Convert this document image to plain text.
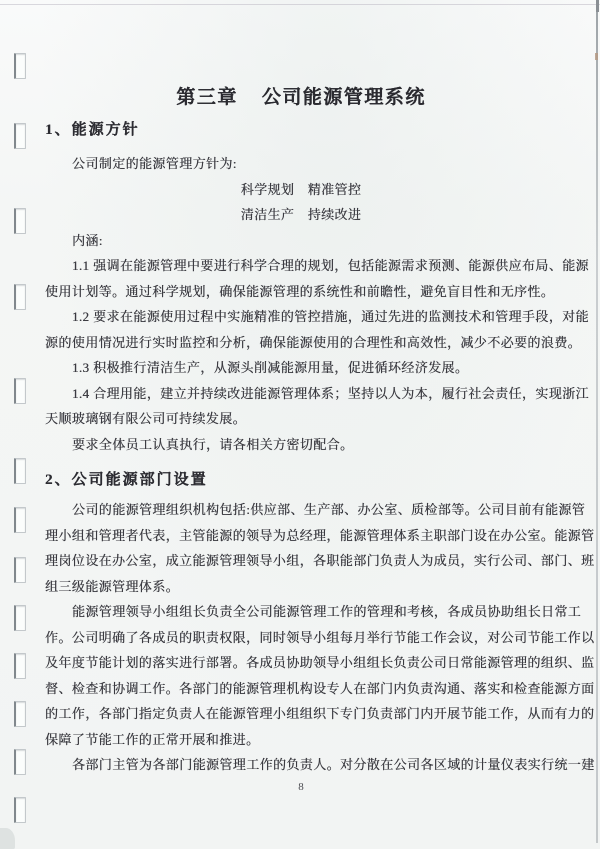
第三章 公司能源管理系统
1、能源方针
公司制定的能源管理方针为:
科学规划　精准管控
清洁生产　持续改进
内涵:
1.1 强调在能源管理中要进行科学合理的规划，包括能源需求预测、能源供应布局、能源
使用计划等。通过科学规划，确保能源管理的系统性和前瞻性，避免盲目性和无序性。
1.2 要求在能源使用过程中实施精准的管控措施，通过先进的监测技术和管理手段，对能
源的使用情况进行实时监控和分析，确保能源使用的合理性和高效性，减少不必要的浪费。
1.3 积极推行清洁生产，从源头削减能源用量，促进循环经济发展。
1.4 合理用能，建立并持续改进能源管理体系；坚持以人为本，履行社会责任，实现浙江
天顺玻璃钢有限公司可持续发展。
要求全体员工认真执行，请各相关方密切配合。
2、公司能源部门设置
公司的能源管理组织机构包括:供应部、生产部、办公室、质检部等。公司目前有能源管
理小组和管理者代表，主管能源的领导为总经理，能源管理体系主职部门设在办公室。能源管
理岗位设在办公室，成立能源管理领导小组，各职能部门负责人为成员，实行公司、部门、班
组三级能源管理体系。
能源管理领导小组组长负责全公司能源管理工作的管理和考核，各成员协助组长日常工
作。公司明确了各成员的职责权限，同时领导小组每月举行节能工作会议，对公司节能工作以
及年度节能计划的落实进行部署。各成员协助领导小组组长负责公司日常能源管理的组织、监
督、检查和协调工作。各部门的能源管理机构设专人在部门内负责沟通、落实和检查能源方面
的工作，各部门指定负责人在能源管理小组组织下专门负责部门内开展节能工作，从而有力的
保障了节能工作的正常开展和推进。
各部门主管为各部门能源管理工作的负责人。对分散在公司各区域的计量仪表实行统一建
8
